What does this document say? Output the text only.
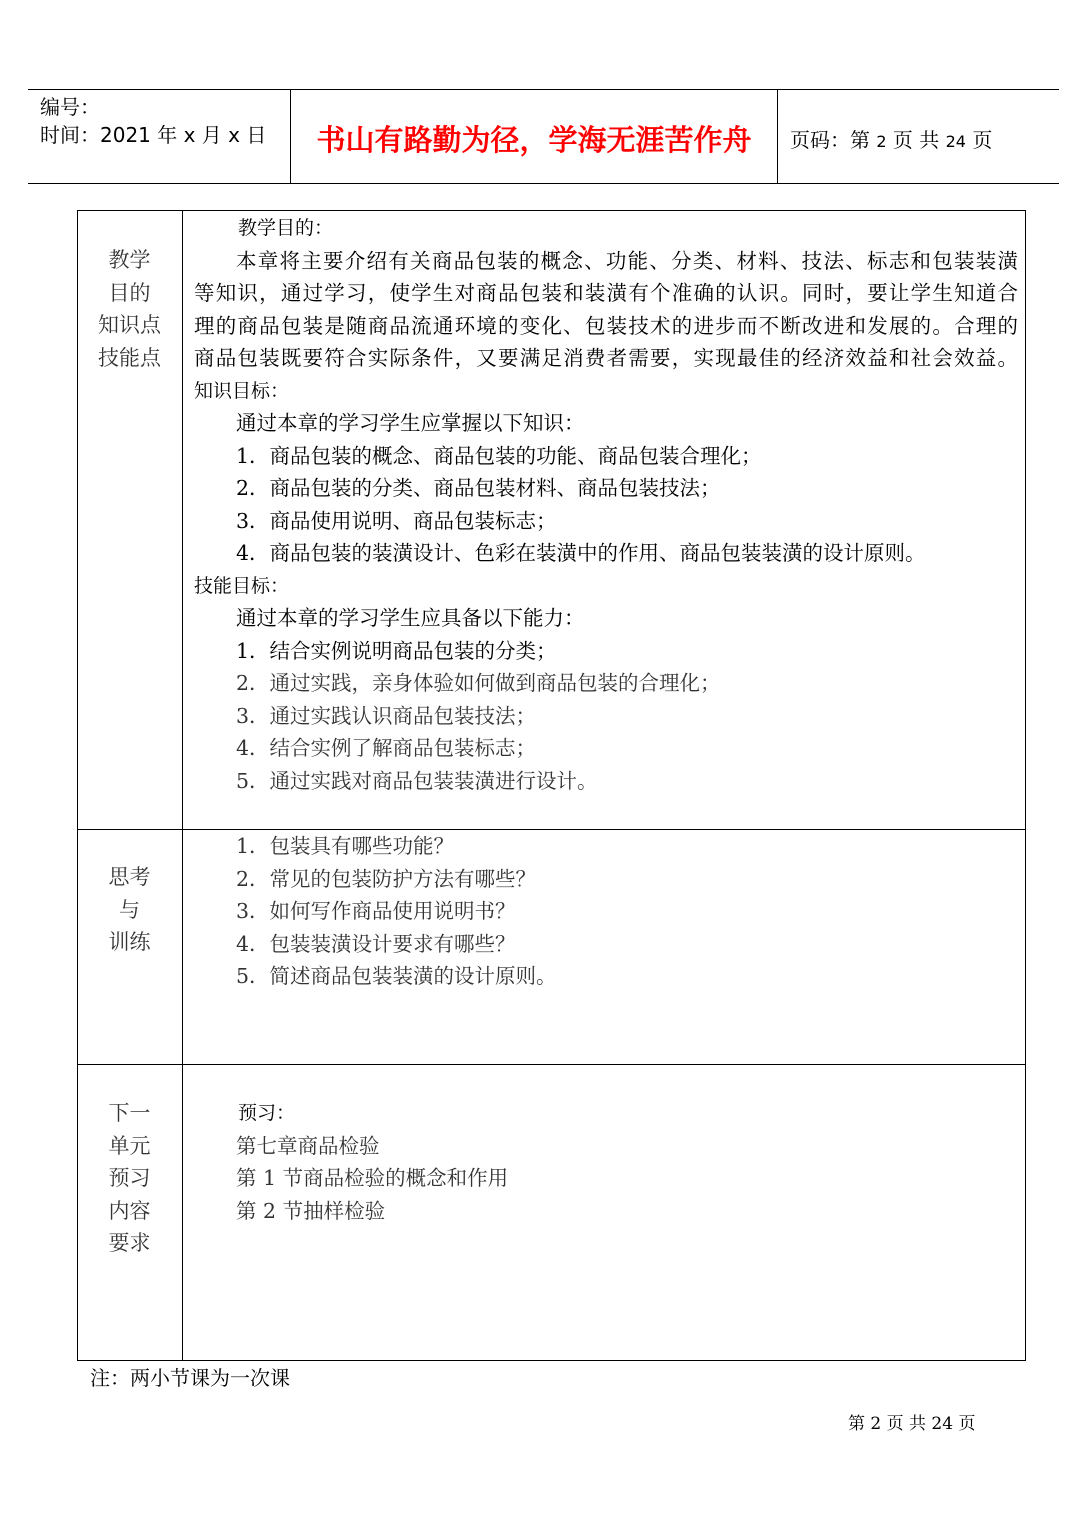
编号：
时间：2021 年 x 月 x 日	书山有路勤为径，学海无涯苦作舟	页码：第 2 页 共 24 页
教学
目的
知识点
技能点
教学目的：
本章将主要介绍有关商品包装的概念、功能、分类、材料、技法、标志和包装装潢
等知识，通过学习，使学生对商品包装和装潢有个准确的认识。同时，要让学生知道合
理的商品包装是随商品流通环境的变化、包装技术的进步而不断改进和发展的。合理的
商品包装既要符合实际条件，又要满足消费者需要，实现最佳的经济效益和社会效益。
知识目标：
通过本章的学习学生应掌握以下知识：
1．商品包装的概念、商品包装的功能、商品包装合理化；
2．商品包装的分类、商品包装材料、商品包装技法；
3．商品使用说明、商品包装标志；
4．商品包装的装潢设计、色彩在装潢中的作用、商品包装装潢的设计原则。
技能目标：
通过本章的学习学生应具备以下能力：
1．结合实例说明商品包装的分类；
2．通过实践，亲身体验如何做到商品包装的合理化；
3．通过实践认识商品包装技法；
4．结合实例了解商品包装标志；
5．通过实践对商品包装装潢进行设计。
思考
与
训练
1．包装具有哪些功能？
2．常见的包装防护方法有哪些？
3．如何写作商品使用说明书？
4．包装装潢设计要求有哪些？
5．简述商品包装装潢的设计原则。
下一
单元
预习
内容
要求
预习：
第七章商品检验
第 1 节商品检验的概念和作用
第 2 节抽样检验
注：两小节课为一次课
第 2 页 共 24 页
